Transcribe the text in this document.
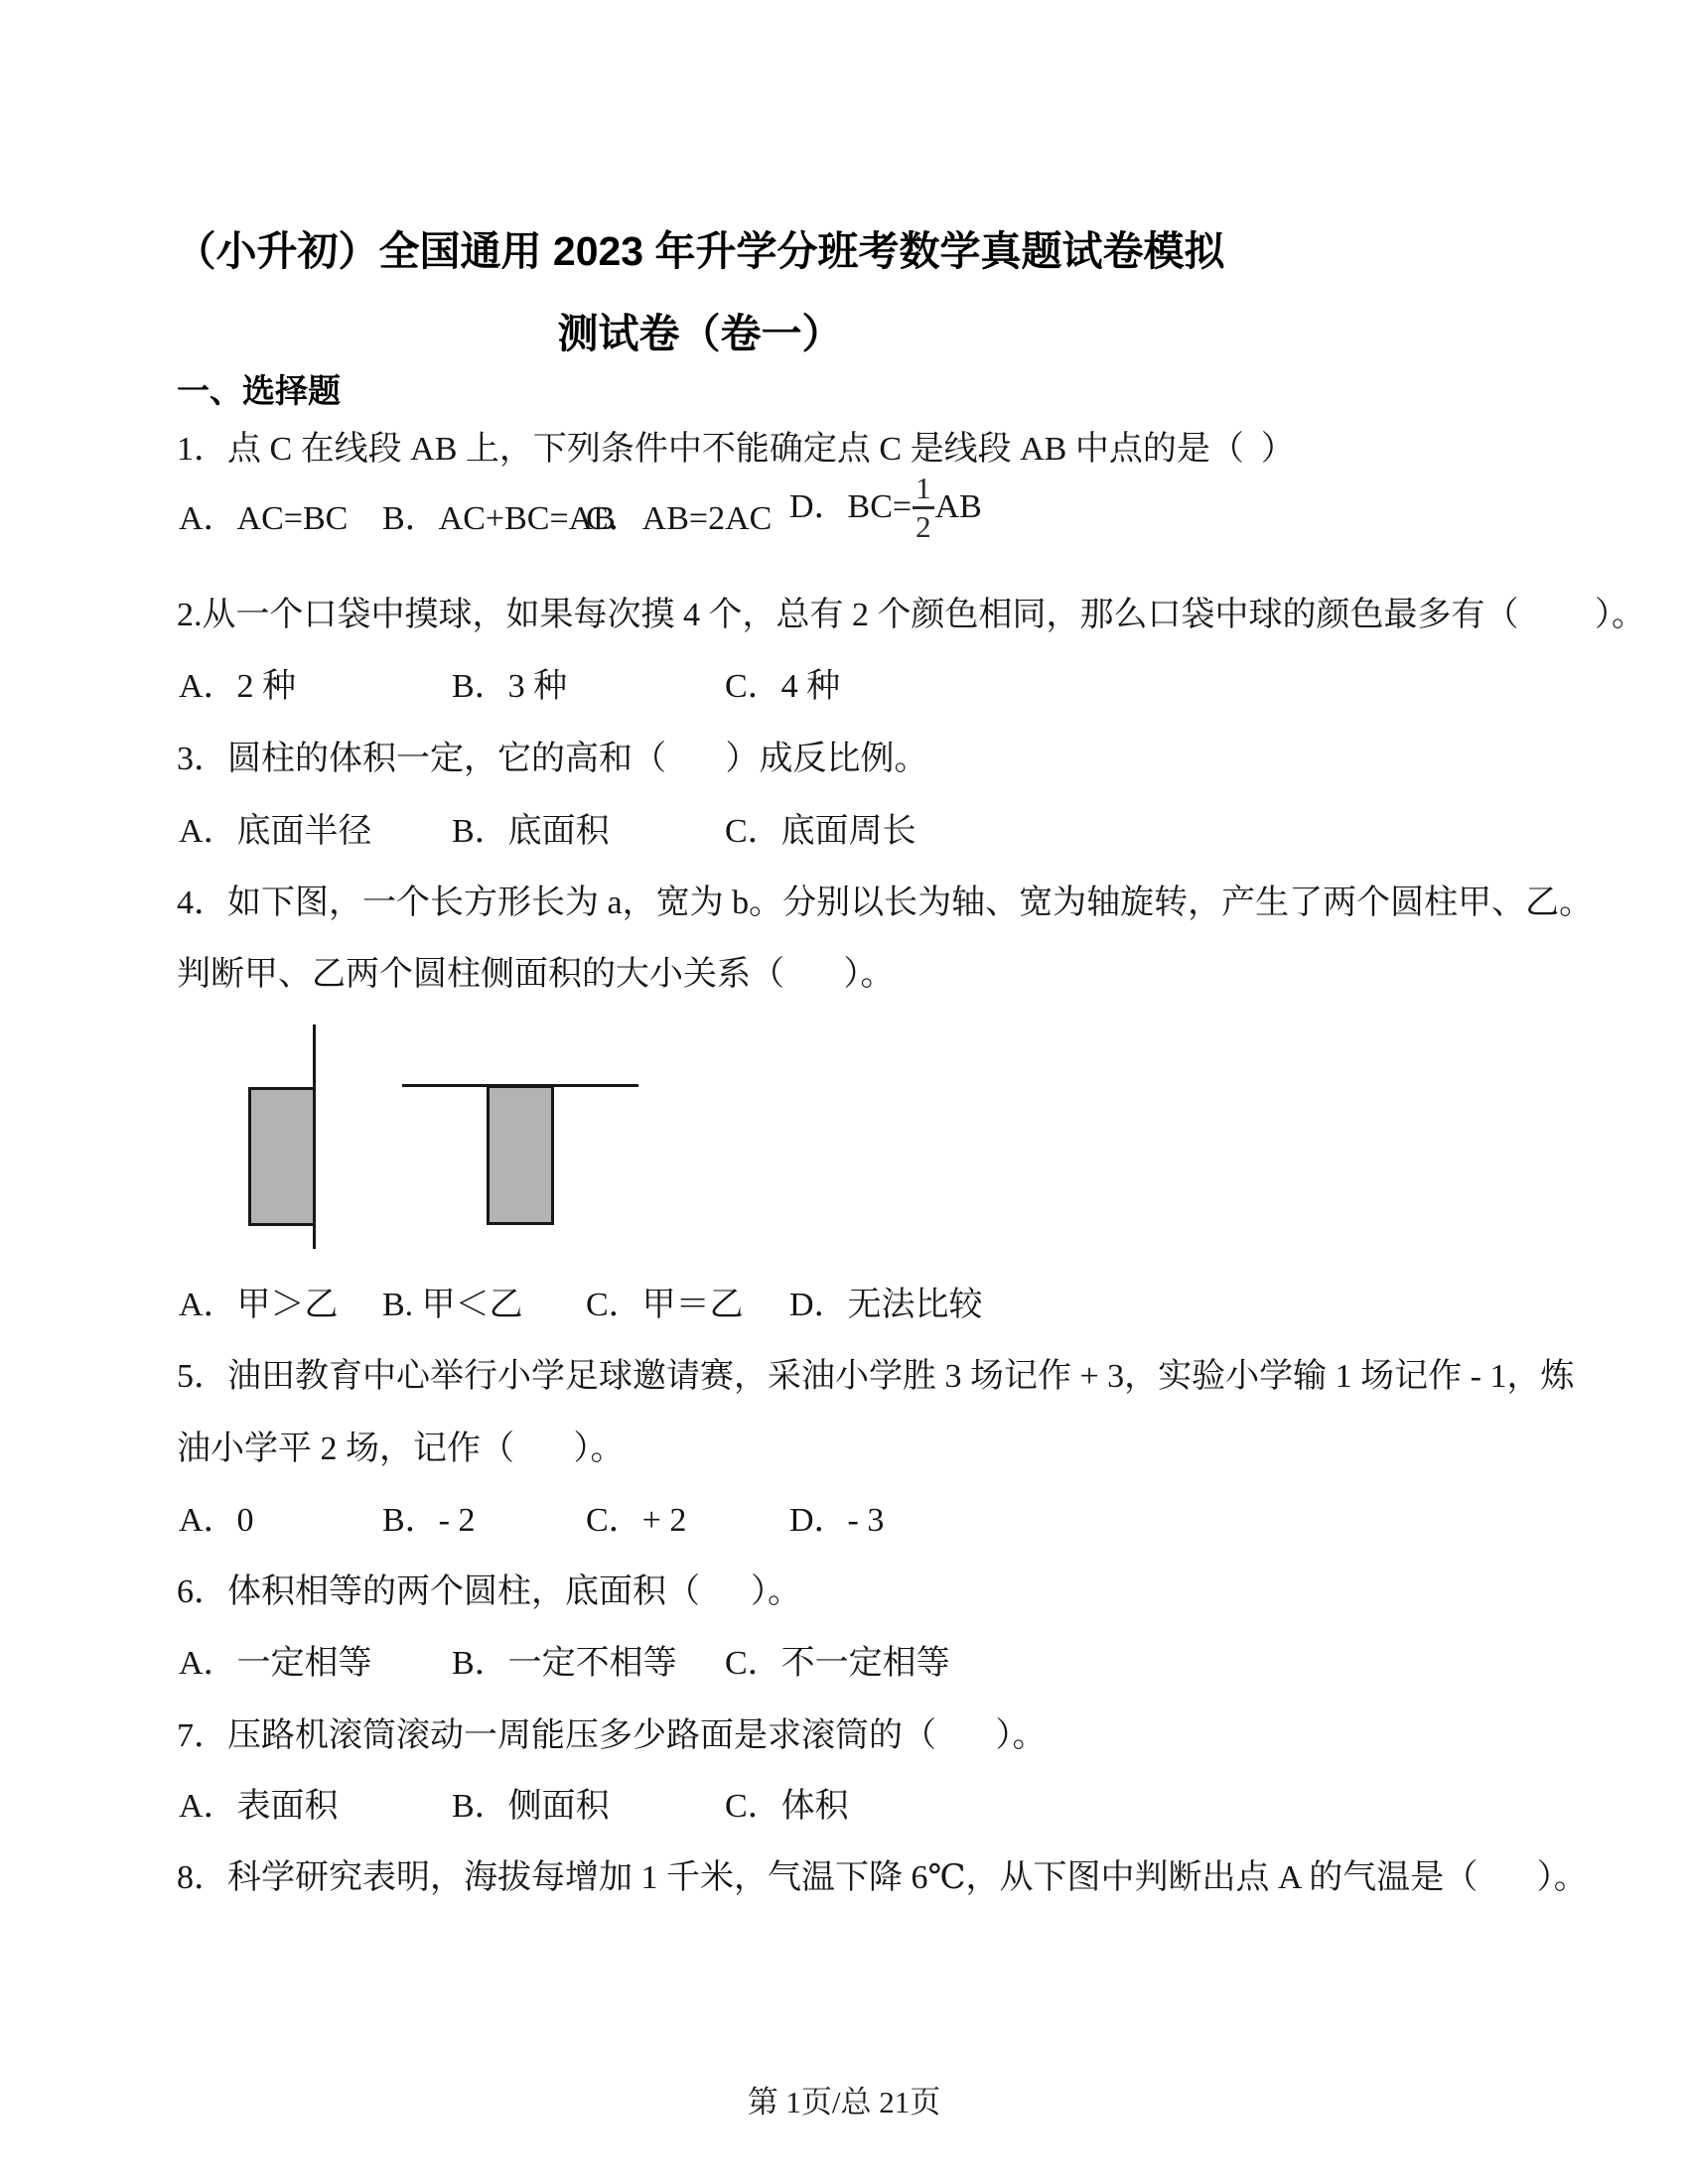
（小升初）全国通用 2023 年升学分班考数学真题试卷模拟
测试卷（卷一）
一、选择题
1．点 C 在线段 AB 上，下列条件中不能确定点 C 是线段 AB 中点的是（  ）
A．AC=BC B．AC+BC=AB
C．AB=2AC D．$BC= \frac{1}{2}$ AB
2.从一个口袋中摸球，如果每次摸 4 个，总有 2 个颜色相同，那么口袋中球的颜色最多有（         ）。
A．2 种	B．3 种	C．4 种
3．圆柱的体积一定，它的高和（       ）成反比例。
A．底面半径 B．底面积	C．底面周长
4．如下图，一个长方形长为 a，宽为 b。分别以长为轴、宽为轴旋转，产生了两个圆柱甲、乙。
判断甲、乙两个圆柱侧面积的大小关系（       ）。
A．甲＞乙 B. 甲＜乙 C．甲＝乙 D．无法比较
5．油田教育中心举行小学足球邀请赛，采油小学胜 3 场记作 + 3，实验小学输 1 场记作 - 1，炼
油小学平 2 场，记作（       ）。
A．0	B．- 2	C．+ 2	D．- 3
6．体积相等的两个圆柱，底面积（      ）。
A．一定相等 B．一定不相等 C．不一定相等
7．压路机滚筒滚动一周能压多少路面是求滚筒的（       ）。
A．表面积	B．侧面积	C．体积
8．科学研究表明，海拔每增加 1 千米，气温下降 6℃，从下图中判断出点 A 的气温是（       ）。
第 1页/总 21页
